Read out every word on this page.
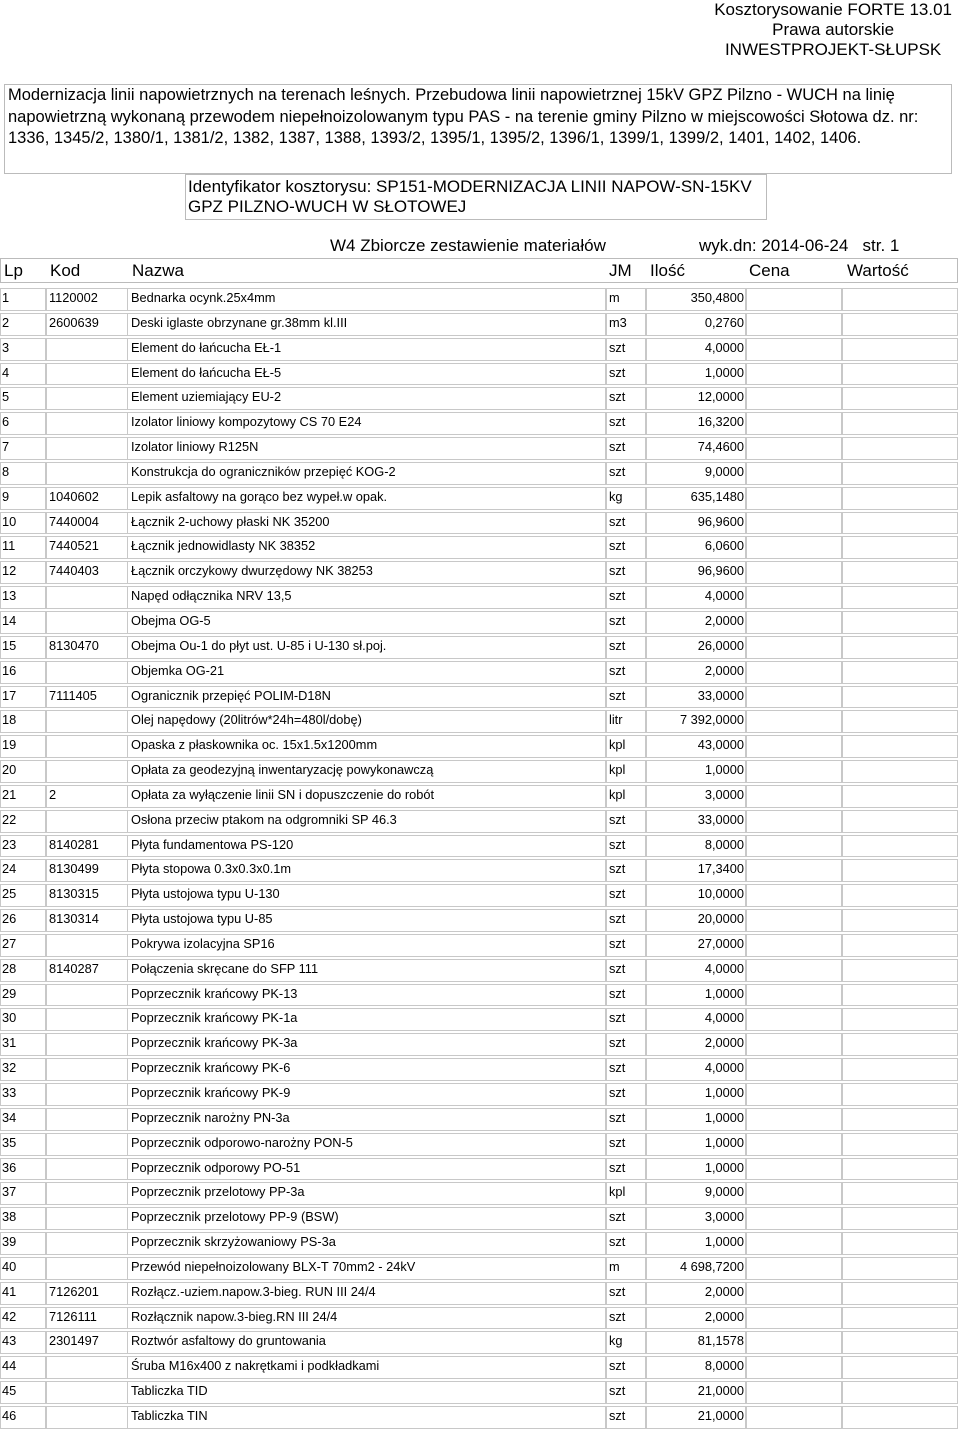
Kosztorysowanie FORTE 13.01
Prawa autorskie
INWESTPROJEKT-SŁUPSK
Modernizacja linii napowietrznych na terenach leśnych. Przebudowa linii napowietrznej 15kV GPZ Pilzno - WUCH na linię napowietrzną wykonaną przewodem niepełnoizolowanym typu PAS - na terenie gminy Pilzno w miejscowości Słotowa dz. nr: 1336, 1345/2, 1380/1, 1381/2, 1382, 1387, 1388, 1393/2, 1395/1, 1395/2, 1396/1, 1399/1, 1399/2, 1401, 1402, 1406.
Identyfikator kosztorysu: SP151-MODERNIZACJA LINII NAPOW-SN-15KV GPZ PILZNO-WUCH W SŁOTOWEJ
W4 Zbiorcze zestawienie materiałów	wyk.dn: 2014-06-24 str. 1
Lp Kod	Nazwa	JM Ilość	Cena	Wartość
1	1120002	Bednarka ocynk.25x4mm	m	350,4800
2	2600639	Deski iglaste obrzynane gr.38mm kl.III	m3	0,2760
3	Element do łańcucha EŁ-1	szt	4,0000
4	Element do łańcucha EŁ-5	szt	1,0000
5	Element uziemiający EU-2	szt	12,0000
6	Izolator liniowy kompozytowy CS 70 E24	szt	16,3200
7	Izolator liniowy R125N	szt	74,4600
8	Konstrukcja do ograniczników przepięć KOG-2	szt	9,0000
9	1040602	Lepik asfaltowy na gorąco bez wypeł.w opak.	kg	635,1480
10	7440004	Łącznik 2-uchowy płaski NK 35200	szt	96,9600
11	7440521	Łącznik jednowidlasty NK 38352	szt	6,0600
12	7440403	Łącznik orczykowy dwurzędowy NK 38253	szt	96,9600
13	Napęd odłącznika NRV 13,5	szt	4,0000
14	Obejma OG-5	szt	2,0000
15	8130470	Obejma Ou-1 do płyt ust. U-85 i U-130 sł.poj.	szt	26,0000
16	Objemka OG-21	szt	2,0000
17	7111405	Ogranicznik przepięć POLIM-D18N	szt	33,0000
18	Olej napędowy (20litrów*24h=480l/dobę)	litr	7 392,0000
19	Opaska z płaskownika oc. 15x1.5x1200mm	kpl	43,0000
20	Opłata za geodezyjną inwentaryzację powykonawczą	kpl	1,0000
21	2	Opłata za wyłączenie linii SN i dopuszczenie do robót	kpl	3,0000
22	Osłona przeciw ptakom na odgromniki SP 46.3	szt	33,0000
23	8140281	Płyta fundamentowa PS-120	szt	8,0000
24	8130499	Płyta stopowa 0.3x0.3x0.1m	szt	17,3400
25	8130315	Płyta ustojowa typu U-130	szt	10,0000
26	8130314	Płyta ustojowa typu U-85	szt	20,0000
27	Pokrywa izolacyjna SP16	szt	27,0000
28	8140287	Połączenia skręcane do SFP 111	szt	4,0000
29	Poprzecznik krańcowy PK-13	szt	1,0000
30	Poprzecznik krańcowy PK-1a	szt	4,0000
31	Poprzecznik krańcowy PK-3a	szt	2,0000
32	Poprzecznik krańcowy PK-6	szt	4,0000
33	Poprzecznik krańcowy PK-9	szt	1,0000
34	Poprzecznik narożny PN-3a	szt	1,0000
35	Poprzecznik odporowo-narożny PON-5	szt	1,0000
36	Poprzecznik odporowy PO-51	szt	1,0000
37	Poprzecznik przelotowy PP-3a	kpl	9,0000
38	Poprzecznik przelotowy PP-9 (BSW)	szt	3,0000
39	Poprzecznik skrzyżowaniowy PS-3a	szt	1,0000
40	Przewód niepełnoizolowany BLX-T 70mm2 - 24kV	m	4 698,7200
41	7126201	Rozłącz.-uziem.napow.3-bieg. RUN III 24/4	szt	2,0000
42	7126111	Rozłącznik napow.3-bieg.RN III 24/4	szt	2,0000
43	2301497	Roztwór asfaltowy do gruntowania	kg	81,1578
44	Śruba M16x400 z nakrętkami i podkładkami	szt	8,0000
45	Tabliczka TID	szt	21,0000
46	Tabliczka TIN	szt	21,0000
